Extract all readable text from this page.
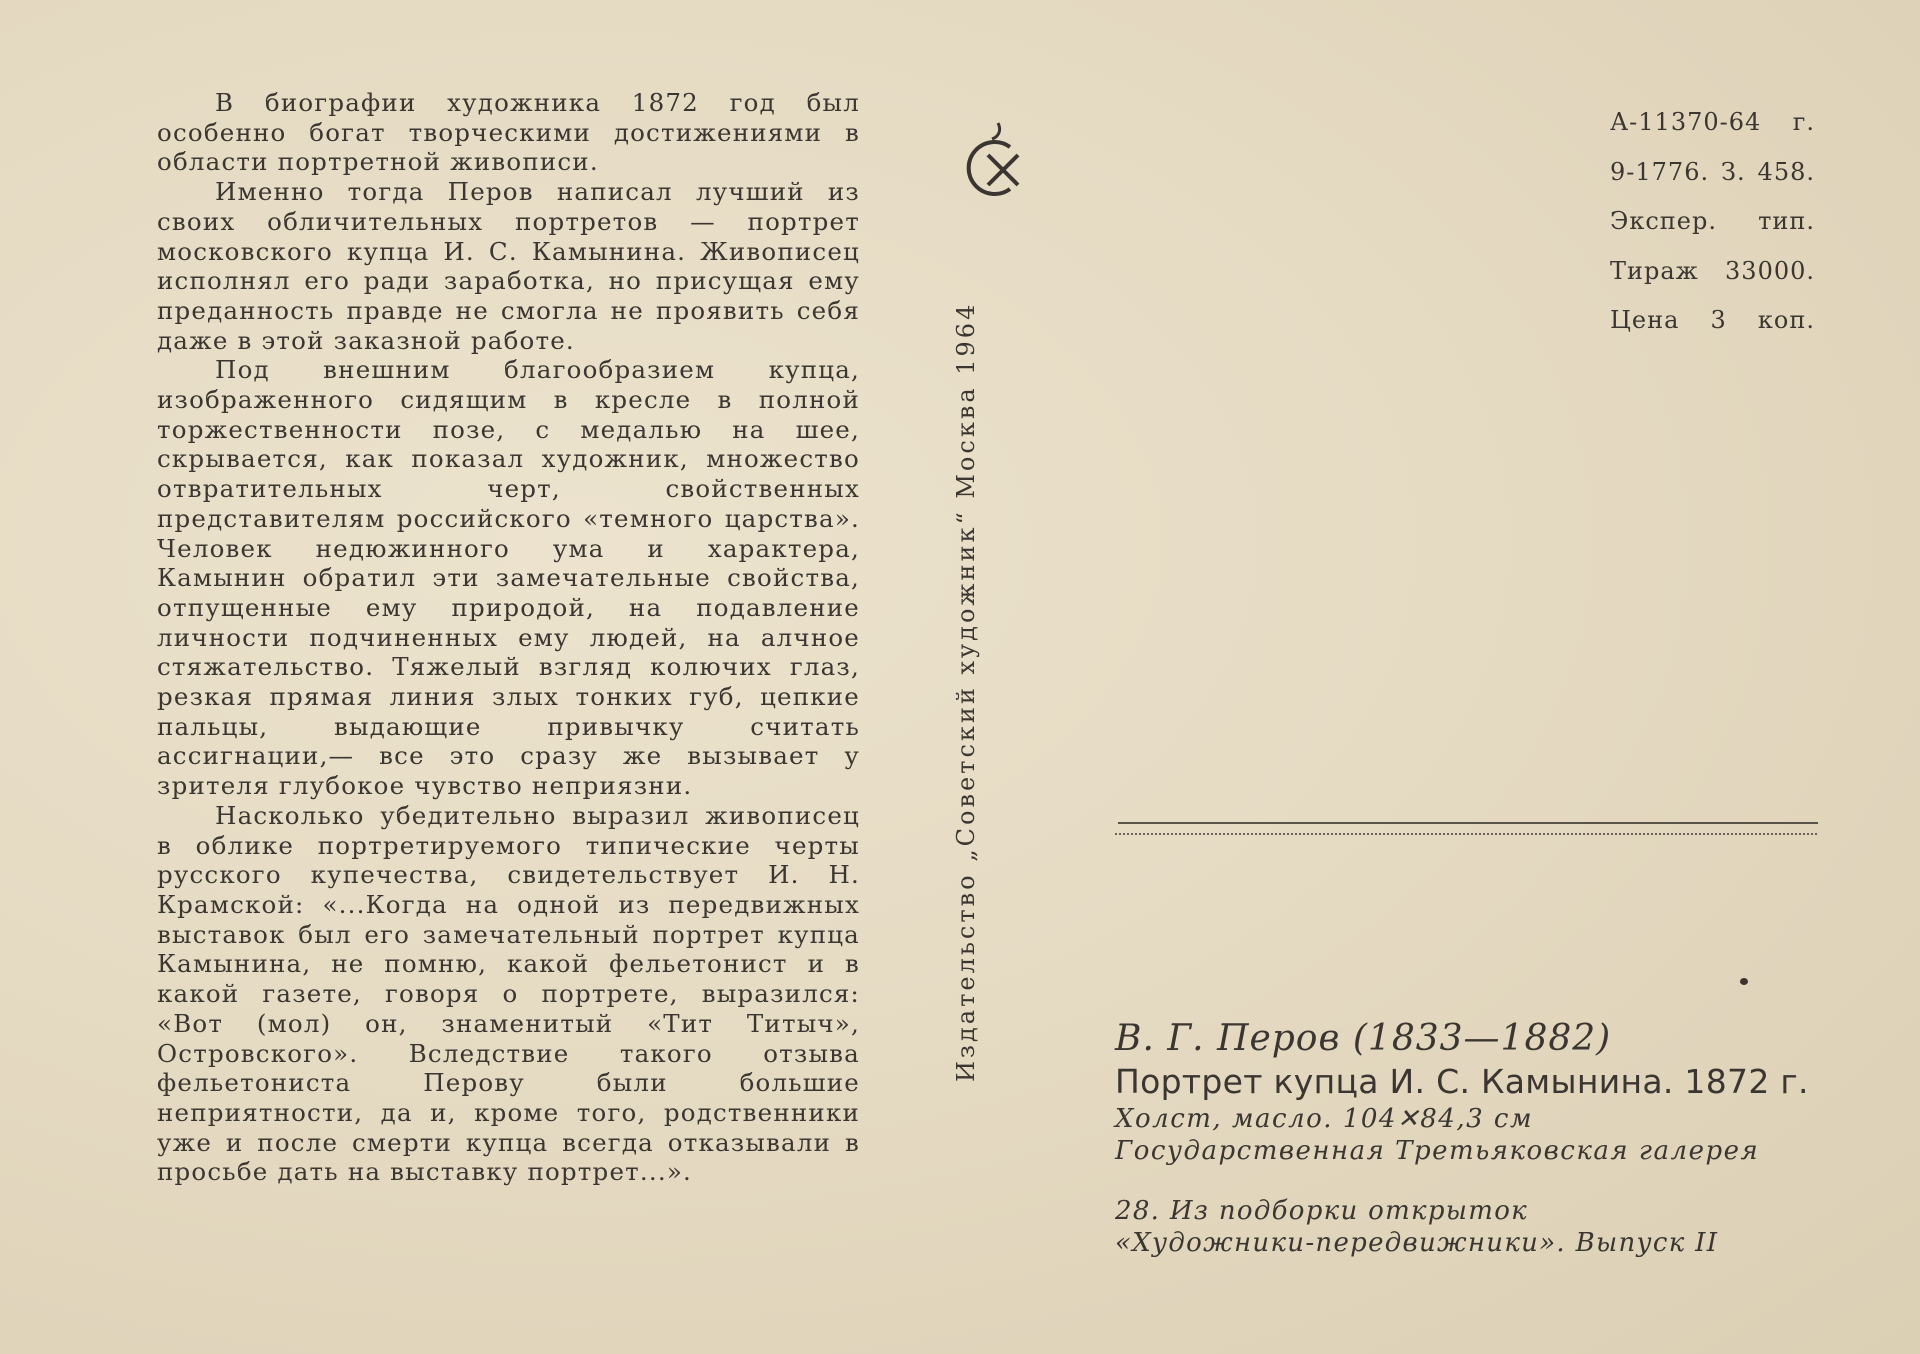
В биографии художника 1872 год был особенно богат творческими достижениями в области портретной живописи.

Именно тогда Перов написал лучший из своих обличительных портретов — портрет московского купца И. С. Камынина. Живописец исполнял его ради заработка, но присущая ему преданность правде не смогла не проявить себя даже в этой заказной работе.

Под внешним благообразием купца, изображенного сидящим в кресле в полной торжественности позе, с медалью на шее, скрывается, как показал художник, множество отвратительных черт, свойственных представителям российского «темного царства». Человек недюжинного ума и характера, Камынин обратил эти замечательные свойства, отпущенные ему природой, на подавление личности подчиненных ему людей, на алчное стяжательство. Тяжелый взгляд колючих глаз, резкая прямая линия злых тонких губ, цепкие пальцы, выдающие привычку считать ассигнации,— все это сразу же вызывает у зрителя глубокое чувство неприязни.

Насколько убедительно выразил живописец в облике портретируемого типические черты русского купечества, свидетельствует И. Н. Крамской: «...Когда на одной из передвижных выставок был его замечательный портрет купца Камынина, не помню, какой фельетонист и в какой газете, говоря о портрете, выразился: «Вот (мол) он, знаменитый «Тит Титыч», Островского». Вследствие такого отзыва фельетониста Перову были большие неприятности, да и, кроме того, родственники уже и после смерти купца всегда отказывали в просьбе дать на выставку портрет...».

Издательство „Советский художник“ Москва 1964
А-11370-64 г.
9-1776. З. 458.
Экспер. тип.
Тираж 33000.
Цена 3 коп.
В. Г. Перов (1833—1882)
Портрет купца И. С. Камынина. 1872 г.
Холст, масло. 104✕84,3 см
Государственная Третьяковская галерея
28. Из подборки открыток
«Художники-передвижники». Выпуск II
